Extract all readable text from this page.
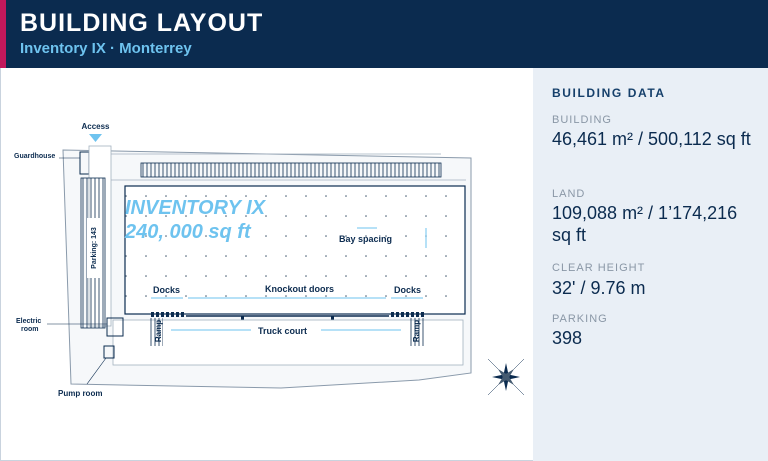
BUILDING LAYOUT
Inventory IX · Monterrey
Access
Guardhouse
Parking: 143
INVENTORY IX
240, 000 sq ft	Bay spacing
Docks	Knockout doors	Docks
Truck court
Ramp	Ramp
Electric
room
Pump room
BUILDING DATA
BUILDING
46,461 m² / 500,112 sq ft
LAND
109,088 m² / 1’174,216 sq ft
CLEAR HEIGHT
32' / 9.76 m
PARKING
398
